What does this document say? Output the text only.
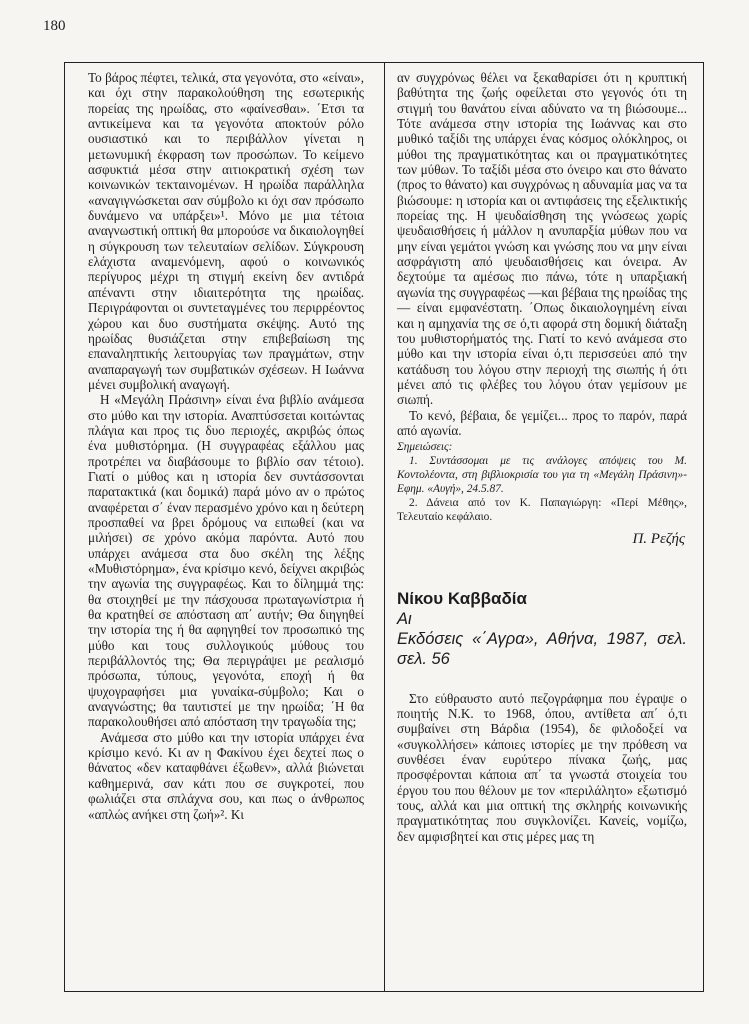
180

Το βάρος πέφτει, τελικά, στα γεγονότα, στο «είναι», και όχι στην παρακολούθηση της εσωτερικής πορείας της ηρωίδας, στο «φαίνεσθαι». ΄Ετσι τα αντικείμενα και τα γεγονότα αποκτούν ρόλο ουσιαστικό και το περιβάλλον γίνεται η μετωνυμική έκφραση των προσώπων. Το κείμενο ασφυκτιά μέσα στην αιτιοκρατική σχέση των κοινωνικών τεκταινομένων. Η ηρωίδα παράλληλα «αναγιγνώσκεται σαν σύμβολο κι όχι σαν πρόσωπο δυνάμενο να υπάρξει»¹. Μόνο με μια τέτοια αναγνωστική οπτική θα μπορούσε να δικαιολογηθεί η σύγκρουση των τελευταίων σελίδων. Σύγκρουση ελάχιστα αναμενόμενη, αφού ο κοινωνικός περίγυρος μέχρι τη στιγμή εκείνη δεν αντιδρά απέναντι στην ιδιαιτερότητα της ηρωίδας. Περιγράφονται οι συντεταγμένες του περιρρέοντος χώρου και δυο συστήματα σκέψης. Αυτό της ηρωίδας θυσιάζεται στην επιβεβαίωση της επαναληπτικής λειτουργίας των πραγμάτων, στην αναπαραγωγή των συμβατικών σχέσεων. Η Ιωάννα μένει συμβολική αναγωγή.

Η «Μεγάλη Πράσινη» είναι ένα βιβλίο ανάμεσα στο μύθο και την ιστορία. Αναπτύσσεται κοιτώντας πλάγια και προς τις δυο περιοχές, ακριβώς όπως ένα μυθιστόρημα. (Η συγγραφέας εξάλλου μας προτρέπει να διαβάσουμε το βιβλίο σαν τέτοιο). Γιατί ο μύθος και η ιστορία δεν συντάσσονται παρατακτικά (και δομικά) παρά μόνο αν ο πρώτος αναφέρεται σ΄ έναν περασμένο χρόνο και η δεύτερη προσπαθεί να βρει δρόμους να ειπωθεί (και να μιλήσει) σε χρόνο ακόμα παρόντα. Αυτό που υπάρχει ανάμεσα στα δυο σκέλη της λέξης «Μυθιστόρημα», ένα κρίσιμο κενό, δείχνει ακριβώς την αγωνία της συγγραφέως. Και το δίλημμά της: θα στοιχηθεί με την πάσχουσα πρωταγωνίστρια ή θα κρατηθεί σε απόσταση απ΄ αυτήν; Θα διηγηθεί την ιστορία της ή θα αφηγηθεί τον προσωπικό της μύθο και τους συλλογικούς μύθους του περιβάλλοντός της; Θα περιγράψει με ρεαλισμό πρόσωπα, τύπους, γεγονότα, εποχή ή θα ψυχογραφήσει μια γυναίκα-σύμβολο; Και ο αναγνώστης; θα ταυτιστεί με την ηρωίδα; ΄Η θα παρακολουθήσει από απόσταση την τραγωδία της;

Ανάμεσα στο μύθο και την ιστορία υπάρχει ένα κρίσιμο κενό. Κι αν η Φακίνου έχει δεχτεί πως ο θάνατος «δεν καταφθάνει έξωθεν», αλλά βιώνεται καθημερινά, σαν κάτι που σε συγκροτεί, που φωλιάζει στα σπλάχνα σου, και πως ο άνθρωπος «απλώς ανήκει στη ζωή»². Κι

αν συγχρόνως θέλει να ξεκαθαρίσει ότι η κρυπτική βαθύτητα της ζωής οφείλεται στο γεγονός ότι τη στιγμή του θανάτου είναι αδύνατο να τη βιώσουμε... Τότε ανάμεσα στην ιστορία της Ιωάννας και στο μυθικό ταξίδι της υπάρχει ένας κόσμος ολόκληρος, οι μύθοι της πραγματικότητας και οι πραγματικότητες των μύθων. Το ταξίδι μέσα στο όνειρο και στο θάνατο (προς το θάνατο) και συγχρόνως η αδυναμία μας να τα βιώσουμε: η ιστορία και οι αντιφάσεις της εξελικτικής πορείας της. Η ψευδαίσθηση της γνώσεως χωρίς ψευδαισθήσεις ή μάλλον η ανυπαρξία μύθων που να μην είναι γεμάτοι γνώση και γνώσης που να μην είναι ασφράγιστη από ψευδαισθήσεις και όνειρα. Αν δεχτούμε τα αμέσως πιο πάνω, τότε η υπαρξιακή αγωνία της συγγραφέως —και βέβαια της ηρωίδας της— είναι εμφανέστατη. ΄Οπως δικαιολογημένη είναι και η αμηχανία της σε ό,τι αφορά στη δομική διάταξη του μυθιστορήματός της. Γιατί το κενό ανάμεσα στο μύθο και την ιστορία είναι ό,τι περισσεύει από την κατάδυση του λόγου στην περιοχή της σιωπής ή ότι μένει από τις φλέβες του λόγου όταν γεμίσουν με σιωπή.

Το κενό, βέβαια, δε γεμίζει... προς το παρόν, παρά από αγωνία.

Σημειώσεις:

1. Συντάσσομαι με τις ανάλογες απόψεις του Μ. Κοντολέοντα, στη βιβλιοκρισία του για τη «Μεγάλη Πράσινη»- Εφημ. «Αυγή», 24.5.87.

2. Δάνεια από τον Κ. Παπαγιώργη: «Περί Μέθης», Τελευταίο κεφάλαιο.

Π. Ρεζής
Νίκου Καββαδία
Αι
Εκδόσεις «΄Αγρα», Αθήνα, 1987, σελ. σελ. 56

Στο εύθραυστο αυτό πεζογράφημα που έγραψε ο ποιητής Ν.Κ. το 1968, όπου, αντίθετα απ΄ ό,τι συμβαίνει στη Βάρδια (1954), δε φιλοδοξεί να «συγκολλήσει» κάποιες ιστορίες με την πρόθεση να συνθέσει έναν ευρύτερο πίνακα ζωής, μας προσφέρονται κάποια απ΄ τα γνωστά στοιχεία του έργου του που θέλουν με τον «περιλάλητο» εξωτισμό τους, αλλά και μια οπτική της σκληρής κοινωνικής πραγματικότητας που συγκλονίζει. Κανείς, νομίζω, δεν αμφισβητεί και στις μέρες μας τη
